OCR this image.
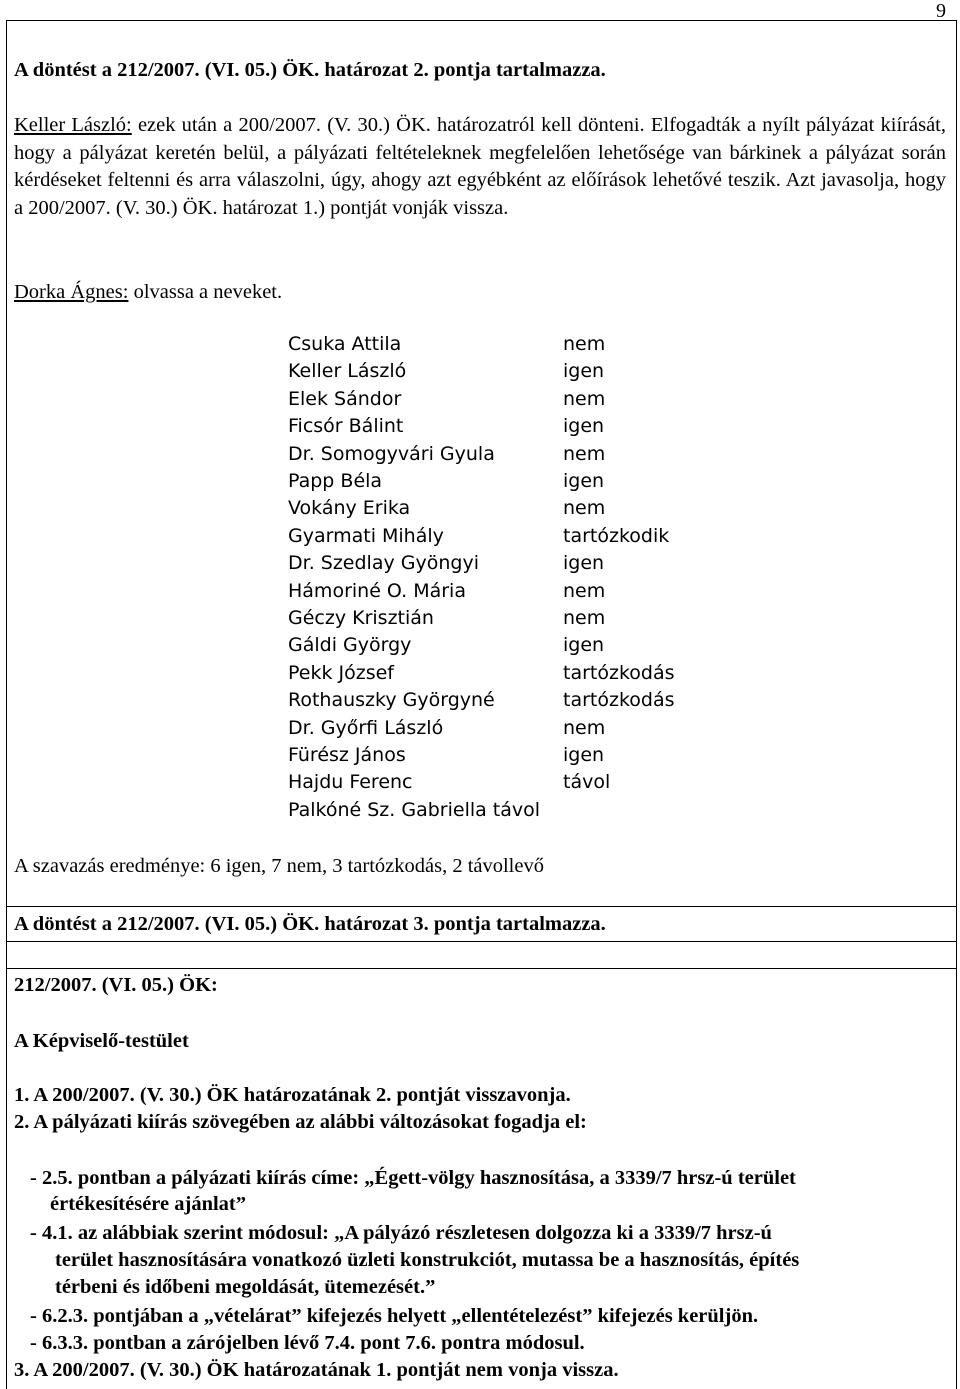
9
A döntést a 212/2007. (VI. 05.) ÖK. határozat 2. pontja tartalmazza.
Keller László: ezek után a 200/2007. (V. 30.) ÖK. határozatról kell dönteni. Elfogadták a nyílt pályázat kiírását, hogy a pályázat keretén belül, a pályázati feltételeknek megfelelően lehetősége van bárkinek a pályázat során kérdéseket feltenni és arra válaszolni, úgy, ahogy azt egyébként az előírások lehetővé teszik. Azt javasolja, hogy a 200/2007. (V. 30.) ÖK. határozat 1.) pontját vonják vissza.
Dorka Ágnes: olvassa a neveket.
Csuka Attila	nem
Keller László	igen
Elek Sándor	nem
Ficsór Bálint	igen
Dr. Somogyvári Gyula	nem
Papp Béla	igen
Vokány Erika	nem
Gyarmati Mihály	tartózkodik
Dr. Szedlay Gyöngyi	igen
Hámoriné O. Mária	nem
Géczy Krisztián	nem
Gáldi György	igen
Pekk József	tartózkodás
Rothauszky Györgyné	tartózkodás
Dr. Győrfi László	nem
Fürész János	igen
Hajdu Ferenc	távol
Palkóné Sz. Gabriella távol
A szavazás eredménye: 6 igen, 7 nem, 3 tartózkodás, 2 távollevő
A döntést a 212/2007. (VI. 05.) ÖK. határozat 3. pontja tartalmazza.
212/2007. (VI. 05.) ÖK:
A Képviselő-testület
1. A 200/2007. (V. 30.) ÖK határozatának 2. pontját visszavonja.
2. A pályázati kiírás szövegében az alábbi változásokat fogadja el:
- 2.5. pontban a pályázati kiírás címe: „Égett-völgy hasznosítása, a 3339/7 hrsz-ú terület
értékesítésére ajánlat”
- 4.1. az alábbiak szerint módosul: „A pályázó részletesen dolgozza ki a 3339/7 hrsz-ú
terület hasznosítására vonatkozó üzleti konstrukciót, mutassa be a hasznosítás, építés
térbeni és időbeni megoldását, ütemezését.”
- 6.2.3. pontjában a „vételárat” kifejezés helyett „ellentételezést” kifejezés kerüljön.
- 6.3.3. pontban a zárójelben lévő 7.4. pont 7.6. pontra módosul.
3. A 200/2007. (V. 30.) ÖK határozatának 1. pontját nem vonja vissza.
